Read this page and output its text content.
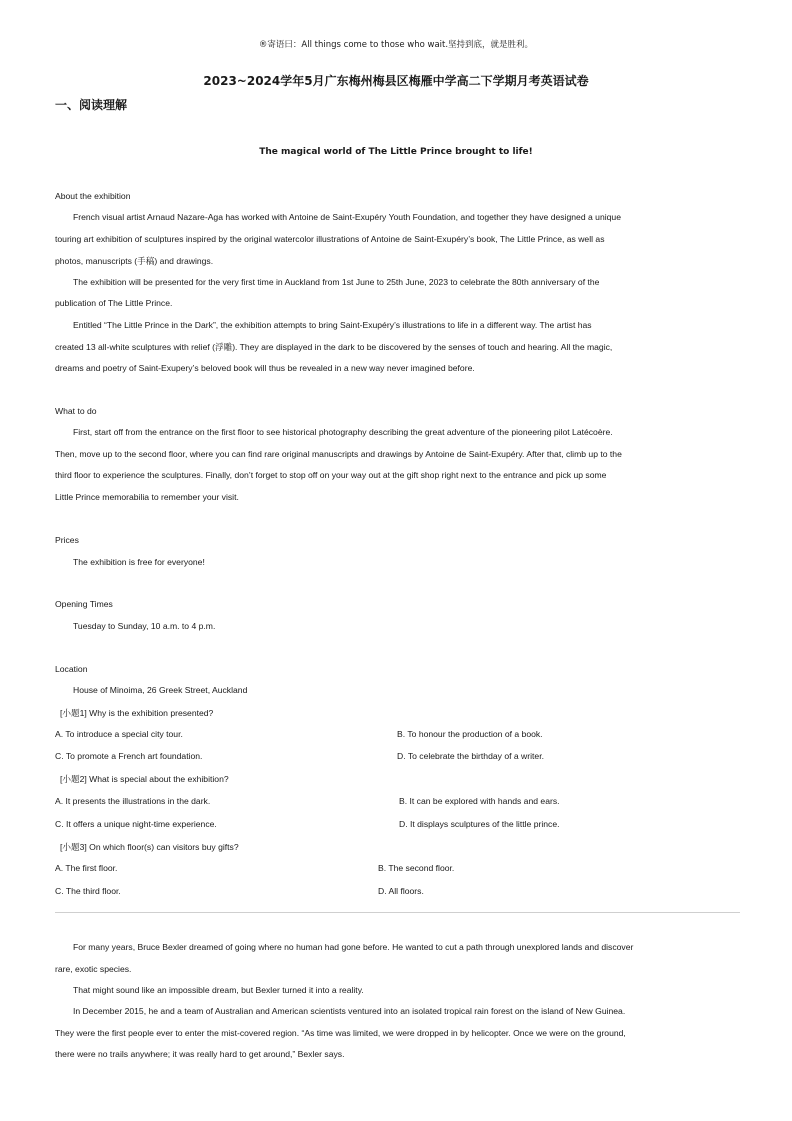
®寄语曰：All things come to those who wait.坚持到底，就是胜利。
2023~2024学年5月广东梅州梅县区梅雁中学高二下学期月考英语试卷
一、阅读理解
The magical world of The Little Prince brought to life!
About the exhibition
French visual artist Arnaud Nazare-Aga has worked with Antoine de Saint-Exupéry Youth Foundation, and together they have designed a unique
touring art exhibition of sculptures inspired by the original watercolor illustrations of Antoine de Saint-Exupéry’s book, The Little Prince, as well as
photos, manuscripts (手稿) and drawings.
The exhibition will be presented for the very first time in Auckland from 1st June to 25th June, 2023 to celebrate the 80th anniversary of the
publication of The Little Prince.
Entitled “The Little Prince in the Dark”, the exhibition attempts to bring Saint-Exupéry’s illustrations to life in a different way. The artist has
created 13 all-white sculptures with relief (浮雕). They are displayed in the dark to be discovered by the senses of touch and hearing. All the magic,
dreams and poetry of Saint-Exupery’s beloved book will thus be revealed in a new way never imagined before.
What to do
First, start off from the entrance on the first floor to see historical photography describing the great adventure of the pioneering pilot Latécoère.
Then, move up to the second floor, where you can find rare original manuscripts and drawings by Antoine de Saint-Exupéry. After that, climb up to the
third floor to experience the sculptures. Finally, don’t forget to stop off on your way out at the gift shop right next to the entrance and pick up some
Little Prince memorabilia to remember your visit.
Prices
The exhibition is free for everyone!
Opening Times
Tuesday to Sunday, 10 a.m. to 4 p.m.
Location
House of Minoima, 26 Greek Street, Auckland
[小题1] Why is the exhibition presented?
A. To introduce a special city tour.	B. To honour the production of a book.
C. To promote a French art foundation.	D. To celebrate the birthday of a writer.
[小题2] What is special about the exhibition?
A. It presents the illustrations in the dark.	B. It can be explored with hands and ears.
C. It offers a unique night-time experience.	D. It displays sculptures of the little prince.
[小题3] On which floor(s) can visitors buy gifts?
A. The first floor.	B. The second floor.
C. The third floor.	D. All floors.
For many years, Bruce Bexler dreamed of going where no human had gone before. He wanted to cut a path through unexplored lands and discover
rare, exotic species.
That might sound like an impossible dream, but Bexler turned it into a reality.
In December 2015, he and a team of Australian and American scientists ventured into an isolated tropical rain forest on the island of New Guinea.
They were the first people ever to enter the mist-covered region. “As time was limited, we were dropped in by helicopter. Once we were on the ground,
there were no trails anywhere; it was really hard to get around,” Bexler says.
